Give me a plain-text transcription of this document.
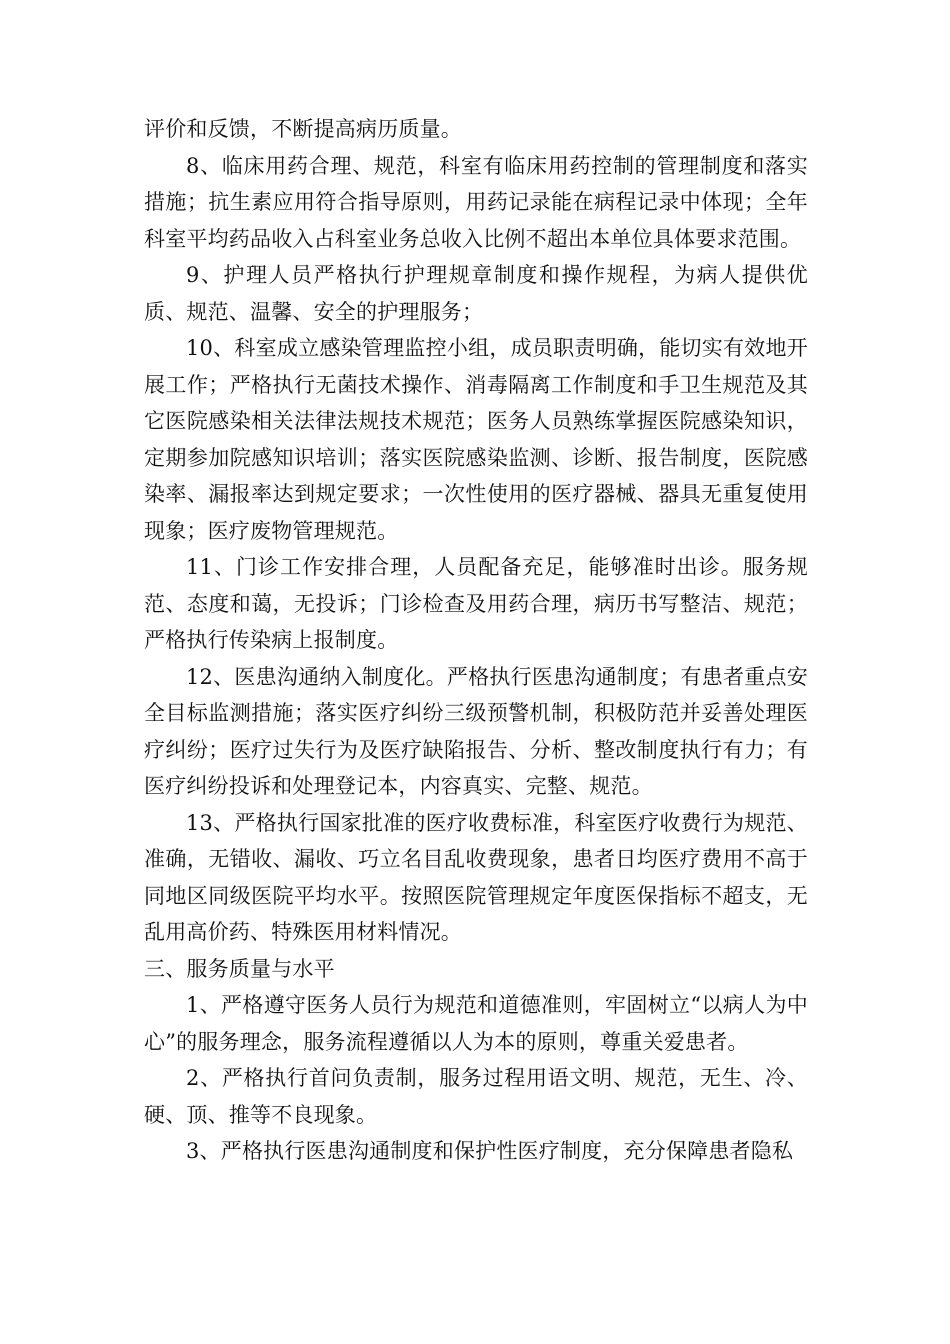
评价和反馈，不断提高病历质量。

8、临床用药合理、规范，科室有临床用药控制的管理制度和落实措施；抗生素应用符合指导原则，用药记录能在病程记录中体现；全年科室平均药品收入占科室业务总收入比例不超出本单位具体要求范围。

9、护理人员严格执行护理规章制度和操作规程，为病人提供优质、规范、温馨、安全的护理服务；

10、科室成立感染管理监控小组，成员职责明确，能切实有效地开展工作；严格执行无菌技术操作、消毒隔离工作制度和手卫生规范及其它医院感染相关法律法规技术规范；医务人员熟练掌握医院感染知识，定期参加院感知识培训；落实医院感染监测、诊断、报告制度，医院感染率、漏报率达到规定要求；一次性使用的医疗器械、器具无重复使用现象；医疗废物管理规范。

11、门诊工作安排合理，人员配备充足，能够准时出诊。服务规范、态度和蔼，无投诉；门诊检查及用药合理，病历书写整洁、规范；严格执行传染病上报制度。

12、医患沟通纳入制度化。严格执行医患沟通制度；有患者重点安全目标监测措施；落实医疗纠纷三级预警机制，积极防范并妥善处理医疗纠纷；医疗过失行为及医疗缺陷报告、分析、整改制度执行有力；有医疗纠纷投诉和处理登记本，内容真实、完整、规范。

13、严格执行国家批准的医疗收费标准，科室医疗收费行为规范、准确，无错收、漏收、巧立名目乱收费现象，患者日均医疗费用不高于同地区同级医院平均水平。按照医院管理规定年度医保指标不超支，无乱用高价药、特殊医用材料情况。

三、服务质量与水平

1、严格遵守医务人员行为规范和道德准则，牢固树立“以病人为中心”的服务理念，服务流程遵循以人为本的原则，尊重关爱患者。

2、严格执行首问负责制，服务过程用语文明、规范，无生、冷、硬、顶、推等不良现象。

3、严格执行医患沟通制度和保护性医疗制度，充分保障患者隐私
